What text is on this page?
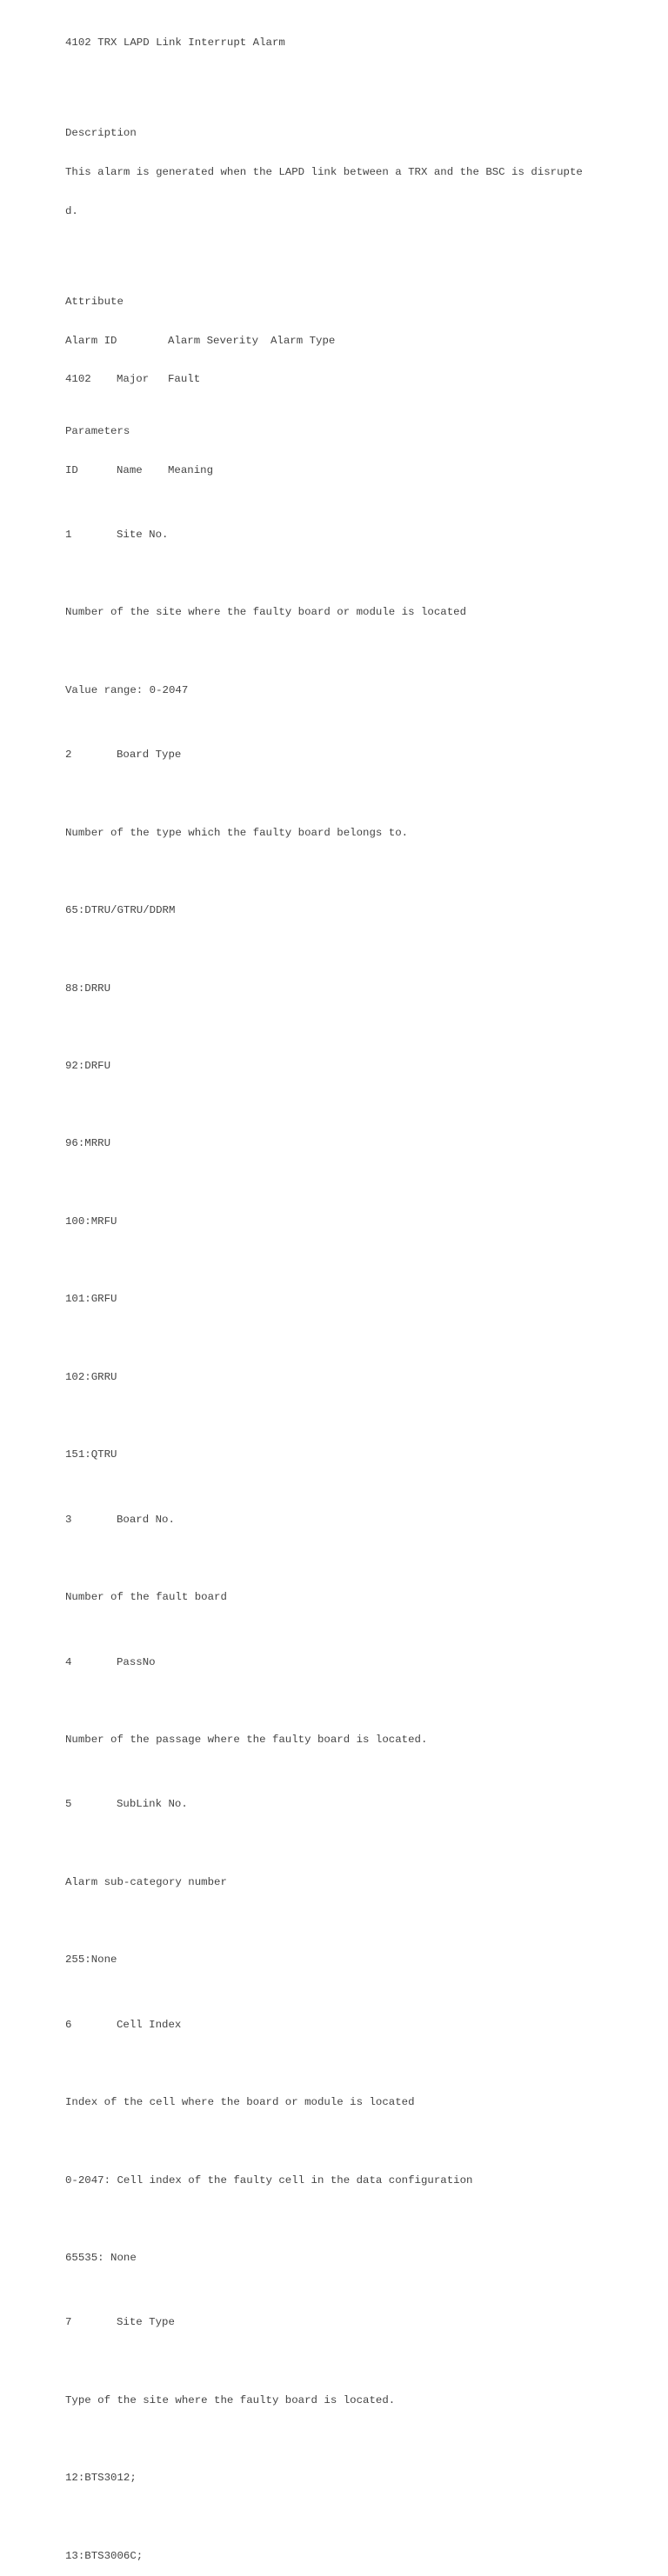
4102 TRX LAPD Link Interrupt Alarm

Description

This alarm is generated when the LAPD link between a TRX and the BSC is disrupte

d.

Attribute

Alarm ID	Alarm Severity Alarm Type

4102 Major Fault

Parameters

ID	Name Meaning

1	Site No.

Number of the site where the faulty board or module is located

Value range: 0-2047

2	Board Type

Number of the type which the faulty board belongs to.

65:DTRU/GTRU/DDRM

88:DRRU

92:DRFU

96:MRRU

100:MRFU

101:GRFU

102:GRRU

151:QTRU

3	Board No.

Number of the fault board

4	PassNo

Number of the passage where the faulty board is located.

5	SubLink No.

Alarm sub-category number

255:None

6	Cell Index

Index of the cell where the board or module is located

0-2047: Cell index of the faulty cell in the data configuration

65535: None

7	Site Type

Type of the site where the faulty board is located.

12:BTS3012;

13:BTS3006C;
